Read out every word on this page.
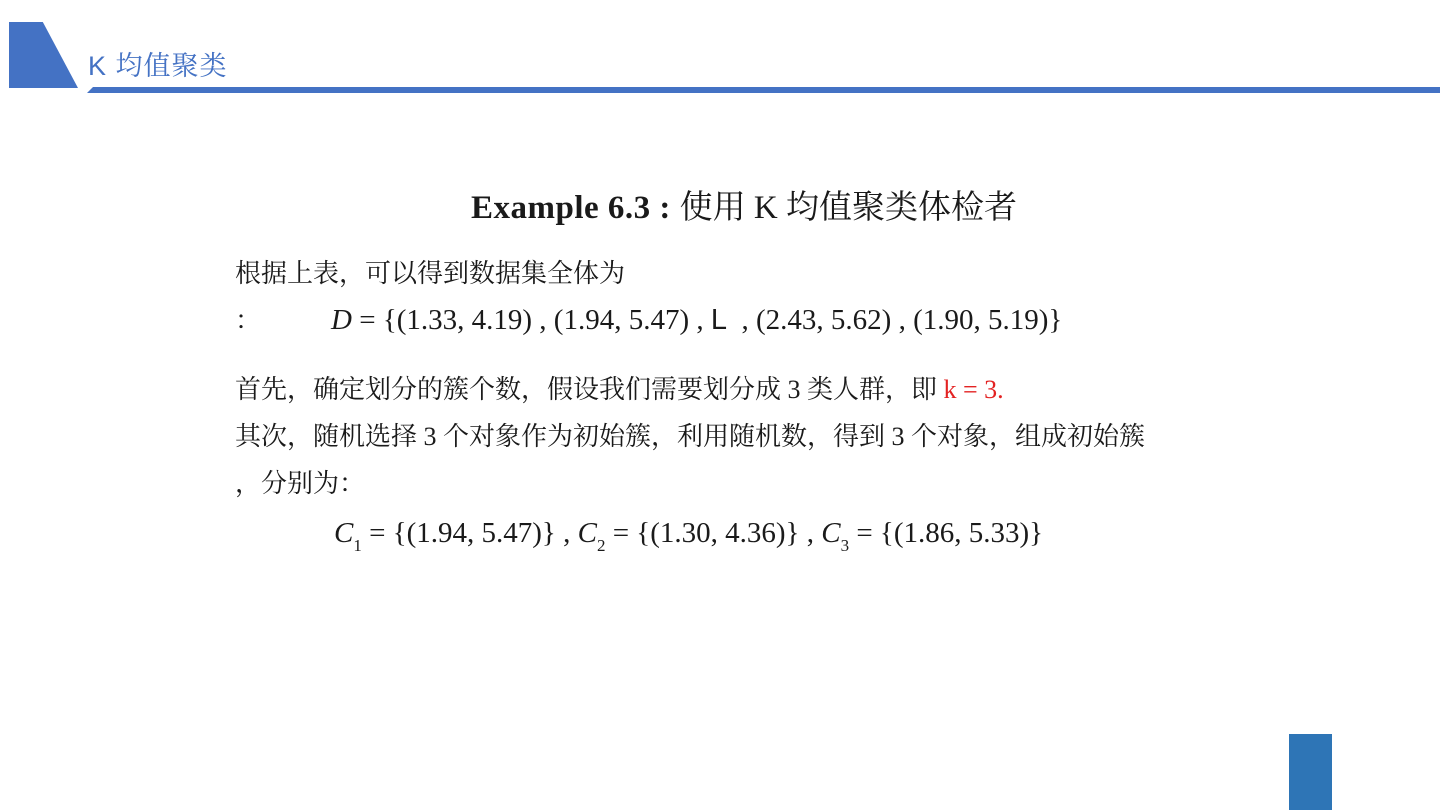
K 均值聚类

Example 6.3 : 使用 K 均值聚类体检者

根据上表，可以得到数据集全体为
： D = {(1.33, 4.19) , (1.94, 5.47) , L  , (2.43, 5.62) , (1.90, 5.19)}
首先，确定划分的簇个数，假设我们需要划分成 3 类人群，即 k = 3.
其次，随机选择 3 个对象作为初始簇，利用随机数，得到 3 个对象，组成初始簇
，分别为：
$C_1 = \{(1.94$, 5.47)} , $C_2 = \{(1.30$, 4.36)} , $C_3 = \{(1.86$, 5.33)}
